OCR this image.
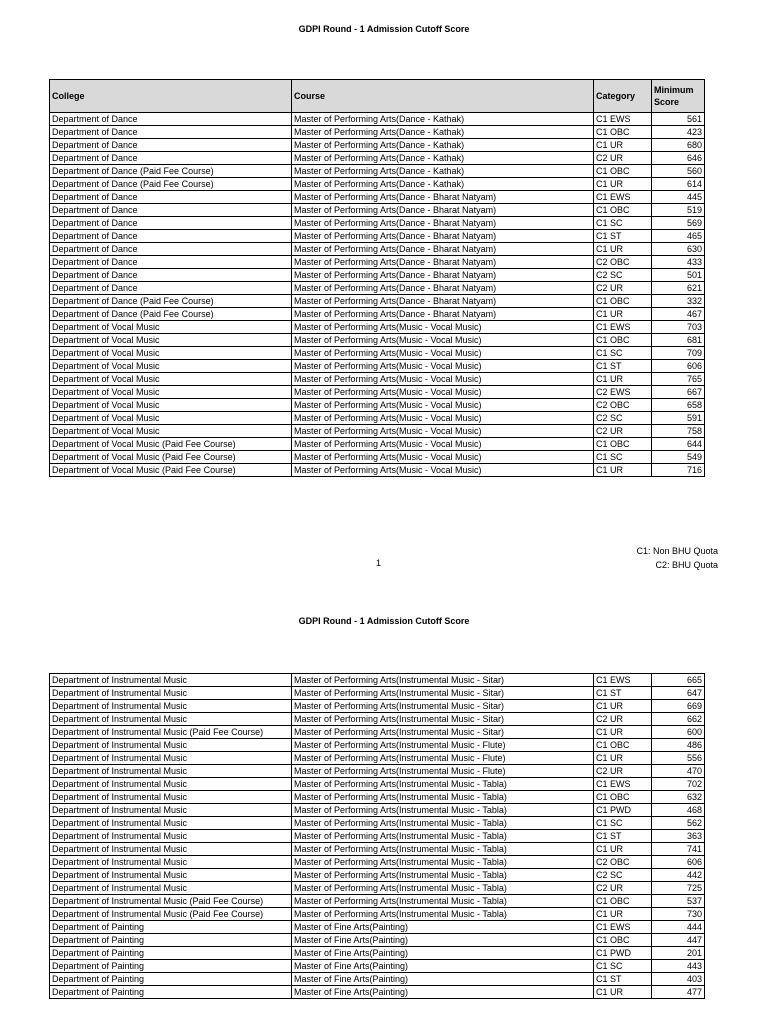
GDPI Round - 1 Admission Cutoff Score
College	Course	Category	Minimum Score
Department of Dance	Master of Performing Arts(Dance - Kathak)	C1 EWS	561
Department of Dance	Master of Performing Arts(Dance - Kathak)	C1 OBC	423
Department of Dance	Master of Performing Arts(Dance - Kathak)	C1 UR	680
Department of Dance	Master of Performing Arts(Dance - Kathak)	C2 UR	646
Department of Dance (Paid Fee Course)	Master of Performing Arts(Dance - Kathak)	C1 OBC	560
Department of Dance (Paid Fee Course)	Master of Performing Arts(Dance - Kathak)	C1 UR	614
Department of Dance	Master of Performing Arts(Dance - Bharat Natyam)	C1 EWS	445
Department of Dance	Master of Performing Arts(Dance - Bharat Natyam)	C1 OBC	519
Department of Dance	Master of Performing Arts(Dance - Bharat Natyam)	C1 SC	569
Department of Dance	Master of Performing Arts(Dance - Bharat Natyam)	C1 ST	465
Department of Dance	Master of Performing Arts(Dance - Bharat Natyam)	C1 UR	630
Department of Dance	Master of Performing Arts(Dance - Bharat Natyam)	C2 OBC	433
Department of Dance	Master of Performing Arts(Dance - Bharat Natyam)	C2 SC	501
Department of Dance	Master of Performing Arts(Dance - Bharat Natyam)	C2 UR	621
Department of Dance (Paid Fee Course)	Master of Performing Arts(Dance - Bharat Natyam)	C1 OBC	332
Department of Dance (Paid Fee Course)	Master of Performing Arts(Dance - Bharat Natyam)	C1 UR	467
Department of Vocal Music	Master of Performing Arts(Music - Vocal Music)	C1 EWS	703
Department of Vocal Music	Master of Performing Arts(Music - Vocal Music)	C1 OBC	681
Department of Vocal Music	Master of Performing Arts(Music - Vocal Music)	C1 SC	709
Department of Vocal Music	Master of Performing Arts(Music - Vocal Music)	C1 ST	606
Department of Vocal Music	Master of Performing Arts(Music - Vocal Music)	C1 UR	765
Department of Vocal Music	Master of Performing Arts(Music - Vocal Music)	C2 EWS	667
Department of Vocal Music	Master of Performing Arts(Music - Vocal Music)	C2 OBC	658
Department of Vocal Music	Master of Performing Arts(Music - Vocal Music)	C2 SC	591
Department of Vocal Music	Master of Performing Arts(Music - Vocal Music)	C2 UR	758
Department of Vocal Music (Paid Fee Course)	Master of Performing Arts(Music - Vocal Music)	C1 OBC	644
Department of Vocal Music (Paid Fee Course)	Master of Performing Arts(Music - Vocal Music)	C1 SC	549
Department of Vocal Music (Paid Fee Course)	Master of Performing Arts(Music - Vocal Music)	C1 UR	716
1
C1: Non BHU Quota
C2: BHU Quota
GDPI Round - 1 Admission Cutoff Score
Department of Instrumental Music	Master of Performing Arts(Instrumental Music - Sitar)	C1 EWS	665
Department of Instrumental Music	Master of Performing Arts(Instrumental Music - Sitar)	C1 ST	647
Department of Instrumental Music	Master of Performing Arts(Instrumental Music - Sitar)	C1 UR	669
Department of Instrumental Music	Master of Performing Arts(Instrumental Music - Sitar)	C2 UR	662
Department of Instrumental Music (Paid Fee Course)	Master of Performing Arts(Instrumental Music - Sitar)	C1 UR	600
Department of Instrumental Music	Master of Performing Arts(Instrumental Music - Flute)	C1 OBC	486
Department of Instrumental Music	Master of Performing Arts(Instrumental Music - Flute)	C1 UR	556
Department of Instrumental Music	Master of Performing Arts(Instrumental Music - Flute)	C2 UR	470
Department of Instrumental Music	Master of Performing Arts(Instrumental Music - Tabla)	C1 EWS	702
Department of Instrumental Music	Master of Performing Arts(Instrumental Music - Tabla)	C1 OBC	632
Department of Instrumental Music	Master of Performing Arts(Instrumental Music - Tabla)	C1 PWD	468
Department of Instrumental Music	Master of Performing Arts(Instrumental Music - Tabla)	C1 SC	562
Department of Instrumental Music	Master of Performing Arts(Instrumental Music - Tabla)	C1 ST	363
Department of Instrumental Music	Master of Performing Arts(Instrumental Music - Tabla)	C1 UR	741
Department of Instrumental Music	Master of Performing Arts(Instrumental Music - Tabla)	C2 OBC	606
Department of Instrumental Music	Master of Performing Arts(Instrumental Music - Tabla)	C2 SC	442
Department of Instrumental Music	Master of Performing Arts(Instrumental Music - Tabla)	C2 UR	725
Department of Instrumental Music (Paid Fee Course)	Master of Performing Arts(Instrumental Music - Tabla)	C1 OBC	537
Department of Instrumental Music (Paid Fee Course)	Master of Performing Arts(Instrumental Music - Tabla)	C1 UR	730
Department of Painting	Master of Fine Arts(Painting)	C1 EWS	444
Department of Painting	Master of Fine Arts(Painting)	C1 OBC	447
Department of Painting	Master of Fine Arts(Painting)	C1 PWD	201
Department of Painting	Master of Fine Arts(Painting)	C1 SC	443
Department of Painting	Master of Fine Arts(Painting)	C1 ST	403
Department of Painting	Master of Fine Arts(Painting)	C1 UR	477
